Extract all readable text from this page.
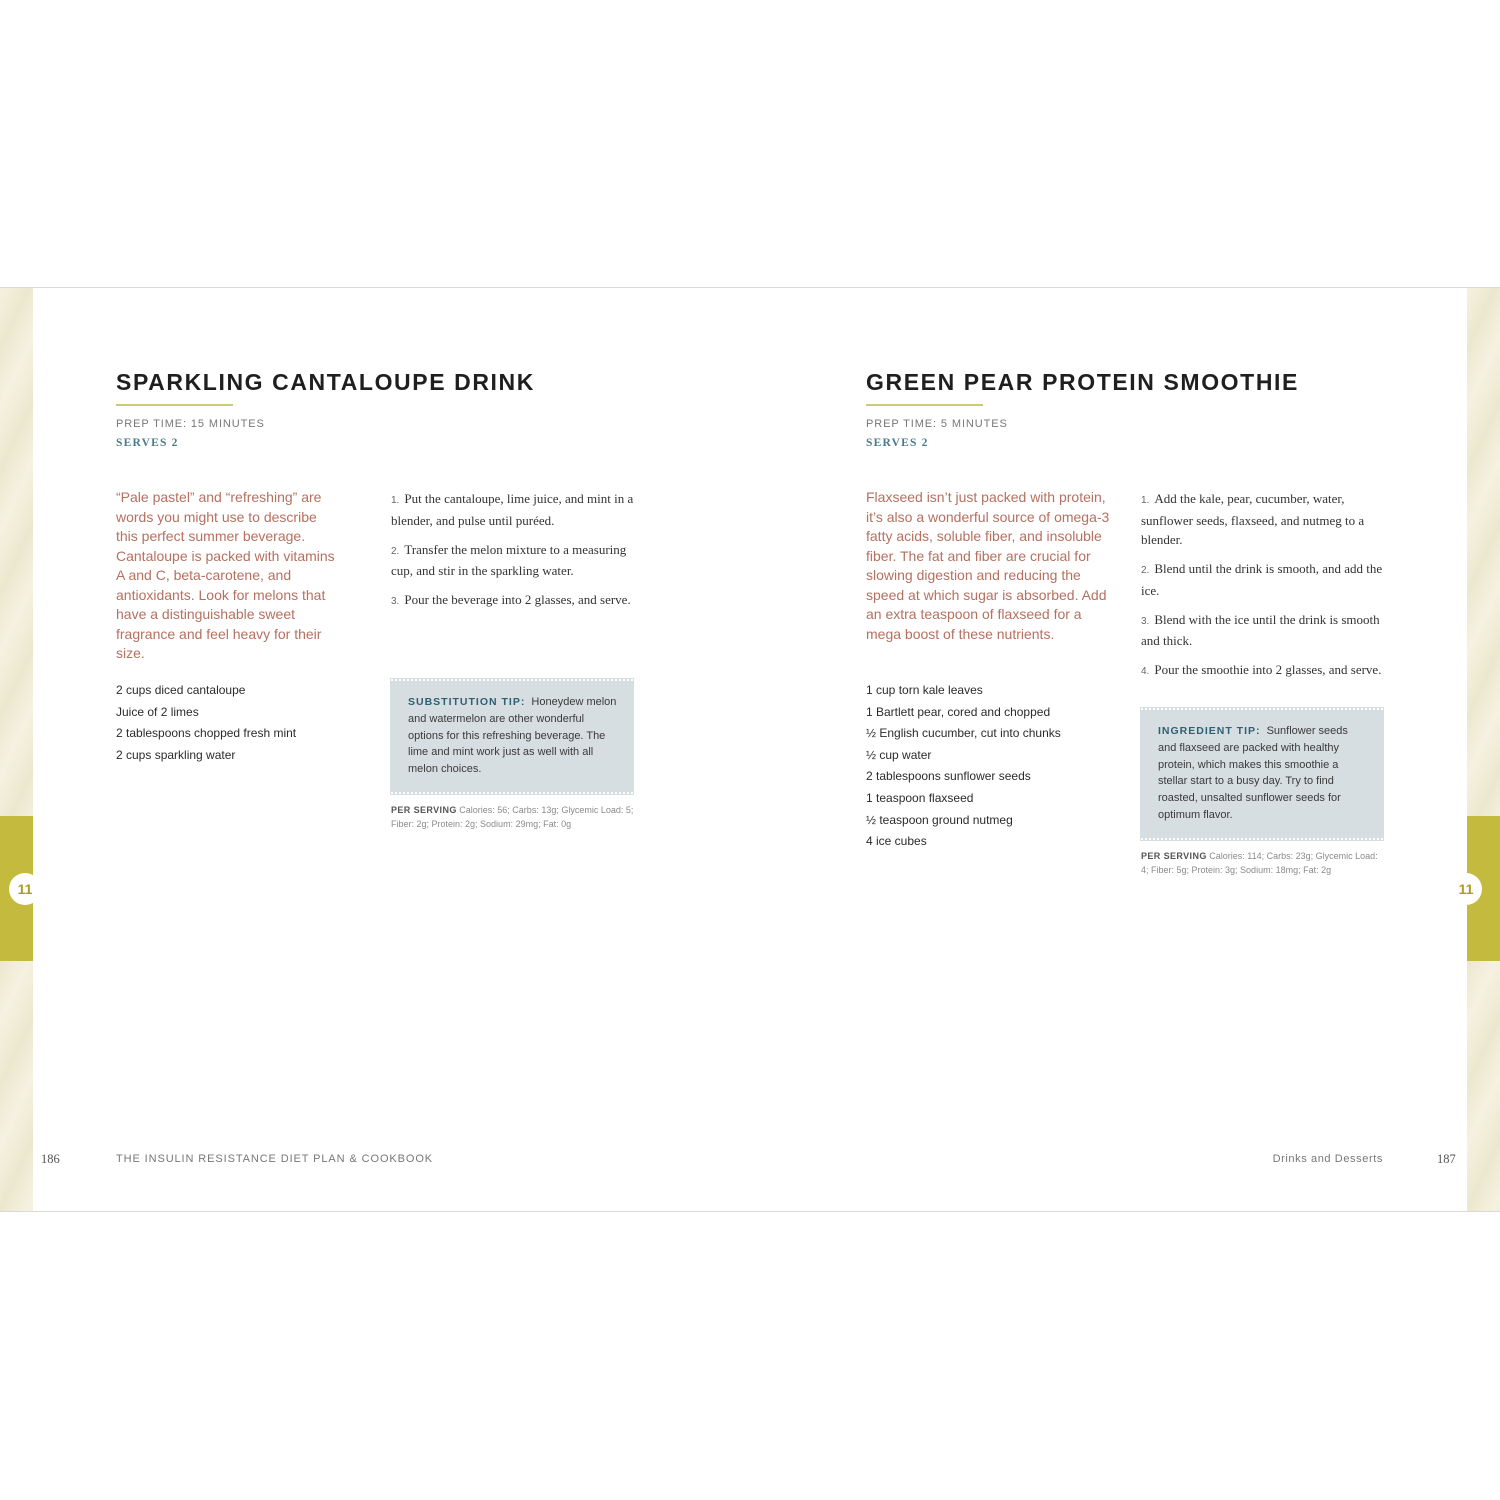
11	11
SPARKLING CANTALOUPE DRINK
PREP TIME: 15 MINUTES
SERVES 2

“Pale pastel” and “refreshing” are words you might use to describe this perfect summer beverage. Cantaloupe is packed with vitamins A and C, beta-carotene, and antioxidants. Look for melons that have a distinguishable sweet fragrance and feel heavy for their size.

2 cups diced cantaloupe
Juice of 2 limes
2 tablespoons chopped fresh mint
2 cups sparkling water
1. Put the cantaloupe, lime juice, and mint in a blender, and pulse until puréed.
2. Transfer the melon mixture to a measuring cup, and stir in the sparkling water.
3. Pour the beverage into 2 glasses, and serve.
SUBSTITUTION TIP: Honeydew melon and watermelon are other wonderful options for this refreshing beverage. The lime and mint work just as well with all melon choices.
PER SERVING Calories: 56; Carbs: 13g; Glycemic Load: 5; Fiber: 2g; Protein: 2g; Sodium: 29mg; Fat: 0g
GREEN PEAR PROTEIN SMOOTHIE
PREP TIME: 5 MINUTES
SERVES 2

Flaxseed isn’t just packed with protein, it’s also a wonderful source of omega-3 fatty acids, soluble fiber, and insoluble fiber. The fat and fiber are crucial for slowing digestion and reducing the speed at which sugar is absorbed. Add an extra teaspoon of flaxseed for a mega boost of these nutrients.

1 cup torn kale leaves
1 Bartlett pear, cored and chopped
½ English cucumber, cut into chunks
½ cup water
2 tablespoons sunflower seeds
1 teaspoon flaxseed
½ teaspoon ground nutmeg
4 ice cubes
1. Add the kale, pear, cucumber, water, sunflower seeds, flaxseed, and nutmeg to a blender.
2. Blend until the drink is smooth, and add the ice.
3. Blend with the ice until the drink is smooth and thick.
4. Pour the smoothie into 2 glasses, and serve.
INGREDIENT TIP: Sunflower seeds and flaxseed are packed with healthy protein, which makes this smoothie a stellar start to a busy day. Try to find roasted, unsalted sunflower seeds for optimum flavor.
PER SERVING Calories: 114; Carbs: 23g; Glycemic Load: 4; Fiber: 5g; Protein: 3g; Sodium: 18mg; Fat: 2g
186	THE INSULIN RESISTANCE DIET PLAN & COOKBOOK	Drinks and Desserts	187
